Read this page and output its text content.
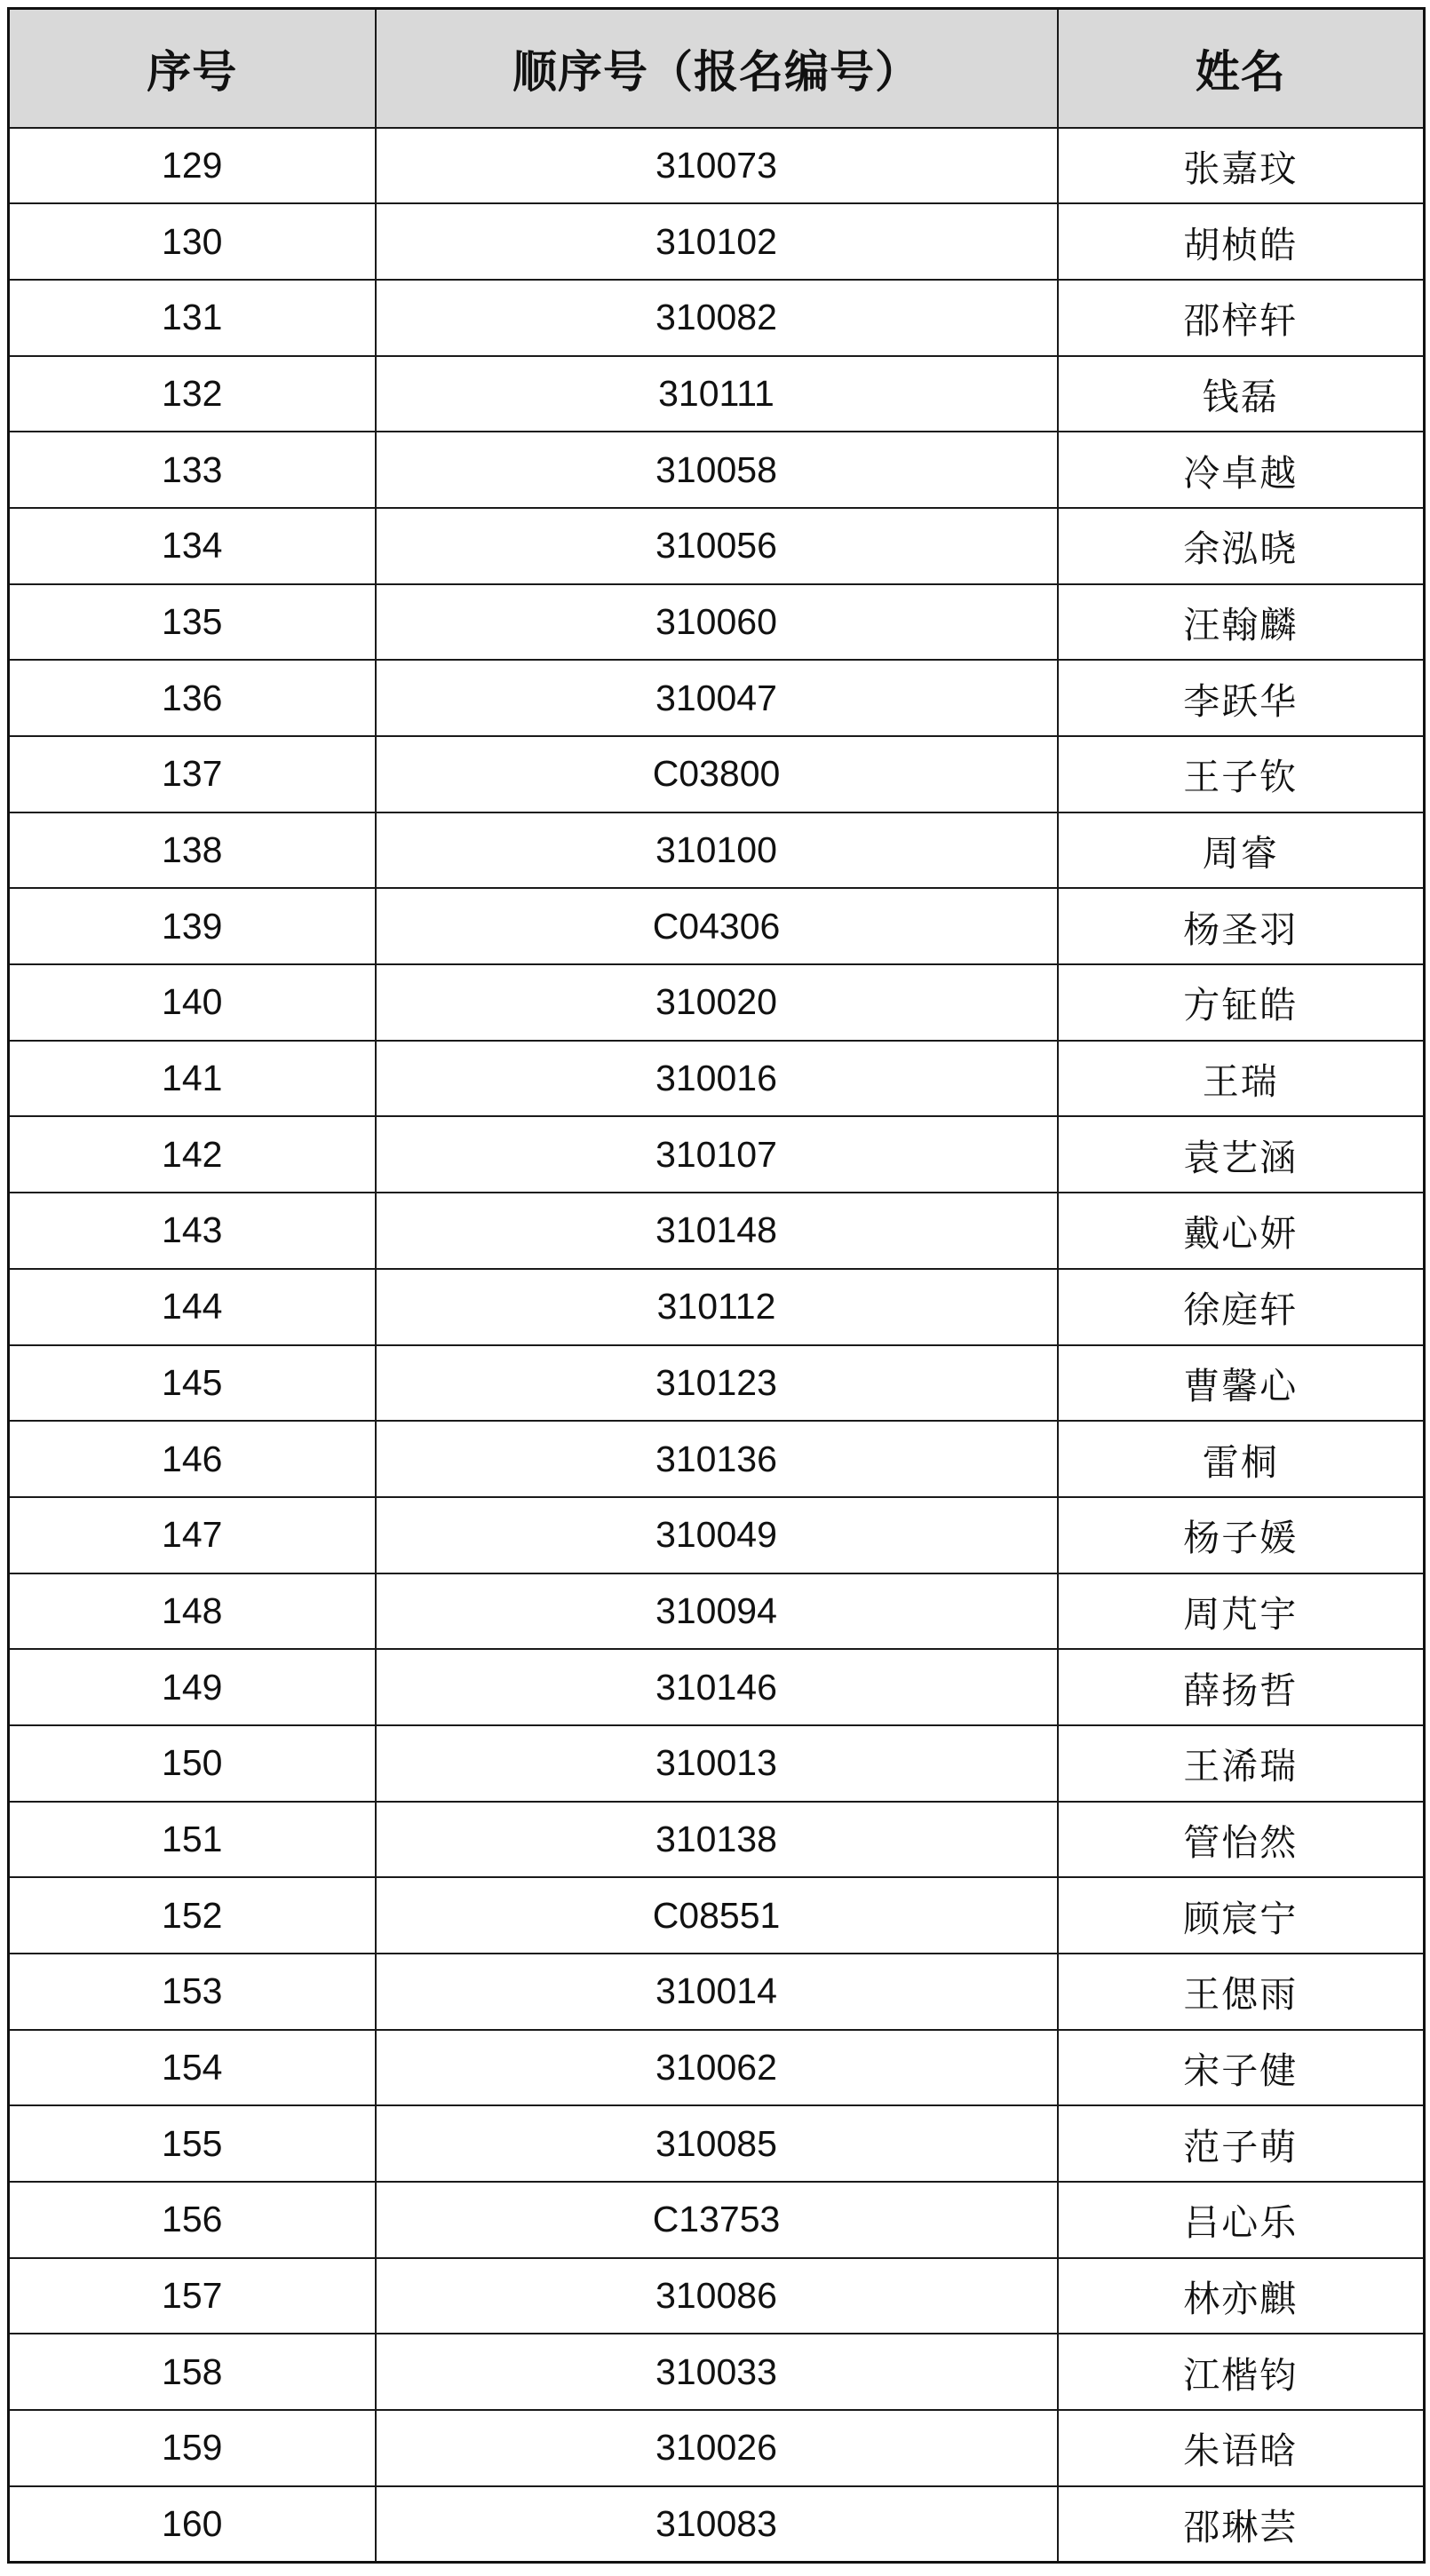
序号	顺序号（报名编号）	姓名
129	310073	张嘉玟
130	310102	胡桢皓
131	310082	邵梓轩
132	310111	钱磊
133	310058	冷卓越
134	310056	余泓晓
135	310060	汪翰麟
136	310047	李跃华
137	C03800	王子钦
138	310100	周睿
139	C04306	杨圣羽
140	310020	方钲皓
141	310016	王瑞
142	310107	袁艺涵
143	310148	戴心妍
144	310112	徐庭轩
145	310123	曹馨心
146	310136	雷桐
147	310049	杨子媛
148	310094	周芃宇
149	310146	薛扬哲
150	310013	王浠瑞
151	310138	管怡然
152	C08551	顾宸宁
153	310014	王偲雨
154	310062	宋子健
155	310085	范子萌
156	C13753	吕心乐
157	310086	林亦麒
158	310033	江楷钧
159	310026	朱语晗
160	310083	邵琳芸
